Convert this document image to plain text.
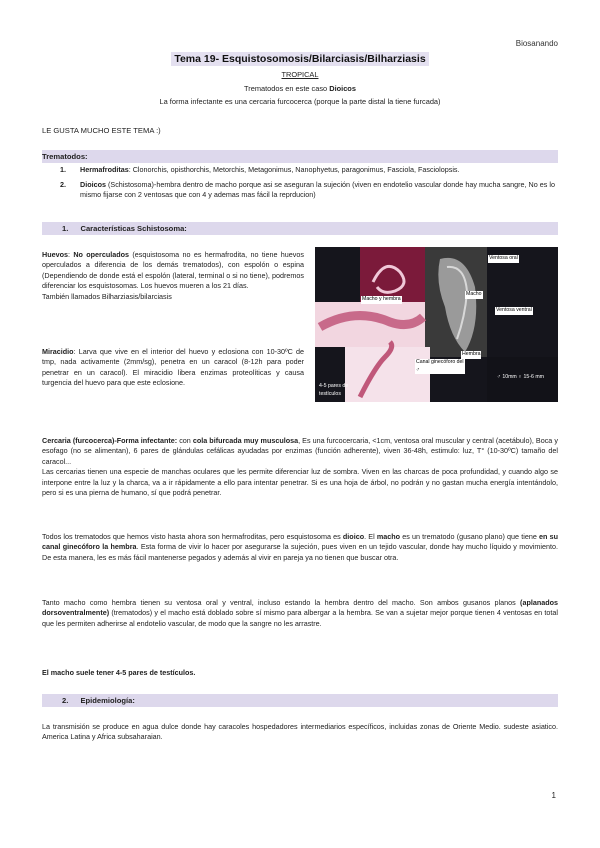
Biosanando
Tema 19- Esquistosomosis/Bilarciasis/Bilharziasis
TROPICAL
Trematodos en este caso Dioicos
La forma infectante es una cercaria furcocerca (porque la parte distal la tiene furcada)
LE GUSTA MUCHO ESTE TEMA :)
Trematodos:
1.	Hermafroditas: Clonorchis, opisthorchis, Metorchis, Metagonimus, Nanophyetus, paragonimus, Fasciola, Fasciolopsis.
2.	Dioicos (Schistosoma)-hembra dentro de macho porque asi se aseguran la sujeción (viven en endotelio vascular donde hay mucha sangre, No es lo mismo fijarse con 2 ventosas que con 4 y ademas mas fácil la reprducion)
1. Características Schistosoma:
Huevos: No operculados (esquistosoma no es hermafrodita, no tiene huevos operculados a diferencia de los demás trematodos), con espolón o espina (Dependiendo de donde está el espolón (lateral, terminal o si no tiene), podremos diferenciar los esquistosomas. Los huevos mueren a los 21 días.
También llamados Bilharziasis/bilarciasis
Miracidio: Larva que vive en el interior del huevo y eclosiona con 10-30ºC de tmp, nada activamente (2mm/sg), penetra en un caracol (8-12h para poder penetrar en un caracol). El miracidio libera enzimas proteolíticas y causa turgencia del huevo para que este eclosione.
Ventosa oral
Macho y hembra
Macho
Ventosa ventral
Hembra
Canal ginecóforo del ♂
4-5 pares de testículos
♂ 10mm ♀ 15-6 mm
Cercaria (furcocerca)-Forma infectante: con cola bifurcada muy musculosa, Es una furcocercaria, <1cm, ventosa oral muscular y central (acetábulo), Boca y esofago (no se alimentan), 6 pares de glándulas cefálicas ayudadas por enzimas (función adherente), viven 36-48h, estimulo: luz, T° (10-30ºC) tamaño del caracol...
Las cercarias tienen una especie de manchas oculares que les permite diferenciar luz de sombra. Viven en las charcas de poca profundidad, y cuando algo se interpone entre la luz y la charca, va a ir rápidamente a ello para intentar penetrar. Si es una hoja de árbol, no podrán y no gastan mucha energía intentándolo, pero si es una pierna de humano, sí que podrá penetrar.
Todos los trematodos que hemos visto hasta ahora son hermafroditas, pero esquistosoma es dioico. El macho es un trematodo (gusano plano) que tiene en su canal ginecóforo la hembra. Esta forma de vivir lo hacer por asegurarse la sujeción, pues viven en un tejido vascular, donde hay mucho líquido y movimiento. De esta manera, les es más fácil mantenerse pegados y además al vivir en pareja ya no tienen que buscar otra.
Tanto macho como hembra tienen su ventosa oral y ventral, incluso estando la hembra dentro del macho. Son ambos gusanos planos (aplanados dorsoventralmente) (trematodos) y el macho está doblado sobre sí mismo para albergar a la hembra. Se van a sujetar mejor porque tienen 4 ventosas en total que les permiten adherirse al endotelio vascular, de modo que la sangre no les arrastre.
El macho suele tener 4-5 pares de testículos.
2. Epidemiología:
La transmisión se produce en agua dulce donde hay caracoles hospedadores intermediarios específicos, incluidas zonas de Oriente Medio. sudeste asiatico. America Latina y Africa subsaharaian.
1
